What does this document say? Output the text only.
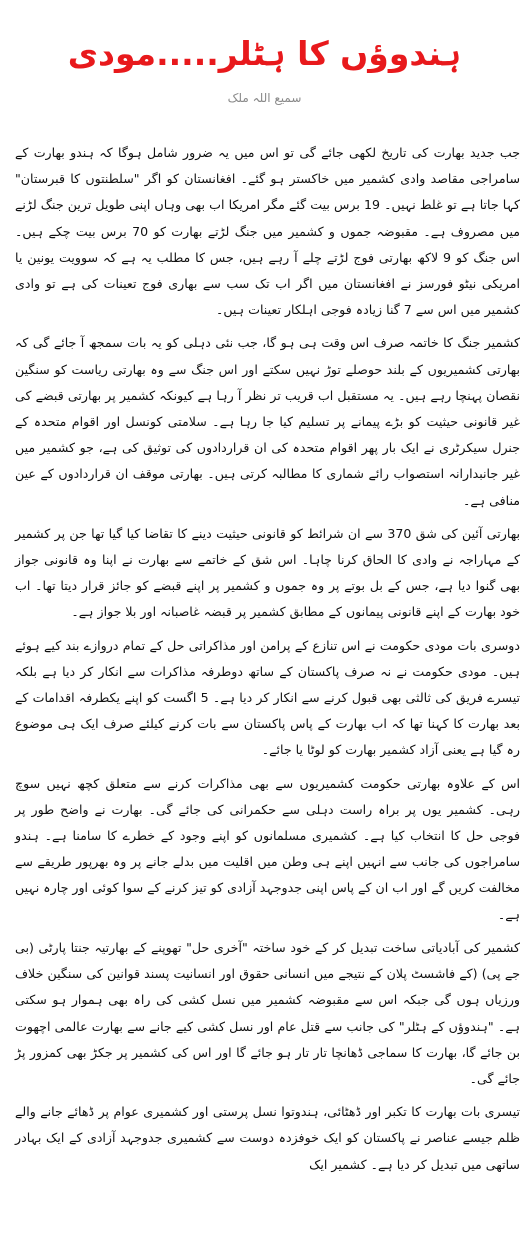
ہندوؤں کا ہٹلر.....مودی
سمیع اللہ ملک

جب جدید بھارت کی تاریخ لکھی جائے گی تو اس میں یہ ضرور شامل ہوگا کہ ہندو بھارت کے سامراجی مقاصد وادی کشمیر میں خاکستر ہو گئے۔ افغانستان کو اگر "سلطنتوں کا قبرستان" کہا جاتا ہے تو غلط نہیں۔ 19 برس بیت گئے مگر امریکا اب بھی وہاں اپنی طویل ترین جنگ لڑنے میں مصروف ہے۔ مقبوضہ جموں و کشمیر میں جنگ لڑتے بھارت کو 70 برس بیت چکے ہیں۔ اس جنگ کو 9 لاکھ بھارتی فوج لڑتے چلے آ رہے ہیں، جس کا مطلب یہ ہے کہ سوویت یونین یا امریکی نیٹو فورسز نے افغانستان میں اگر اب تک سب سے بھاری فوج تعینات کی ہے تو وادی کشمیر میں اس سے 7 گنا زیادہ فوجی اہلکار تعینات ہیں۔

کشمیر جنگ کا خاتمہ صرف اس وقت ہی ہو گا، جب نئی دہلی کو یہ بات سمجھ آ جائے گی کہ بھارتی کشمیریوں کے بلند حوصلے توڑ نہیں سکتے اور اس جنگ سے وہ بھارتی ریاست کو سنگین نقصان پہنچا رہے ہیں۔ یہ مستقبل اب قریب تر نظر آ رہا ہے کیونکہ کشمیر پر بھارتی قبضے کی غیر قانونی حیثیت کو بڑے پیمانے پر تسلیم کیا جا رہا ہے۔ سلامتی کونسل اور اقوام متحدہ کے جنرل سیکرٹری نے ایک بار پھر اقوام متحدہ کی ان قراردادوں کی توثیق کی ہے، جو کشمیر میں غیر جانبدارانہ استصواب رائے شماری کا مطالبہ کرتی ہیں۔ بھارتی موقف ان قراردادوں کے عین منافی ہے۔

بھارتی آئین کی شق 370 سے ان شرائط کو قانونی حیثیت دینے کا تقاضا کیا گیا تھا جن پر کشمیر کے مہاراجہ نے وادی کا الحاق کرنا چاہا۔ اس شق کے خاتمے سے بھارت نے اپنا وہ قانونی جواز بھی گنوا دیا ہے، جس کے بل بوتے پر وہ جموں و کشمیر پر اپنے قبضے کو جائز قرار دیتا تھا۔ اب خود بھارت کے اپنے قانونی پیمانوں کے مطابق کشمیر پر قبضہ غاصبانہ اور بلا جواز ہے۔

دوسری بات مودی حکومت نے اس تنازع کے پرامن اور مذاکراتی حل کے تمام دروازے بند کیے ہوئے ہیں۔ مودی حکومت نے نہ صرف پاکستان کے ساتھ دوطرفہ مذاکرات سے انکار کر دیا ہے بلکہ تیسرے فریق کی ثالثی بھی قبول کرنے سے انکار کر دیا ہے۔ 5 اگست کو اپنے یکطرفہ اقدامات کے بعد بھارت کا کہنا تھا کہ اب بھارت کے پاس پاکستان سے بات کرنے کیلئے صرف ایک ہی موضوع رہ گیا ہے یعنی آزاد کشمیر بھارت کو لوٹا یا جائے۔

اس کے علاوہ بھارتی حکومت کشمیریوں سے بھی مذاکرات کرنے سے متعلق کچھ نہیں سوچ رہی۔ کشمیر یوں پر براہ راست دہلی سے حکمرانی کی جائے گی۔ بھارت نے واضح طور پر فوجی حل کا انتخاب کیا ہے۔ کشمیری مسلمانوں کو اپنے وجود کے خطرے کا سامنا ہے۔ ہندو سامراجوں کی جانب سے انہیں اپنے ہی وطن میں اقلیت میں بدلے جانے پر وہ بھرپور طریقے سے مخالفت کریں گے اور اب ان کے پاس اپنی جدوجہد آزادی کو تیز کرنے کے سوا کوئی اور چارہ نہیں ہے۔

کشمیر کی آبادیاتی ساخت تبدیل کر کے خود ساختہ "آخری حل" تھوپنے کے بھارتیہ جنتا پارٹی (بی جے پی) (کے فاشسٹ پلان کے نتیجے میں انسانی حقوق اور انسانیت پسند قوانین کی سنگین خلاف ورزیاں ہوں گی جبکہ اس سے مقبوضہ کشمیر میں نسل کشی کی راہ بھی ہموار ہو سکتی ہے۔ "ہندوؤں کے ہٹلر" کی جانب سے قتل عام اور نسل کشی کیے جانے سے بھارت عالمی اچھوت بن جائے گا، بھارت کا سماجی ڈھانچا تار تار ہو جائے گا اور اس کی کشمیر پر جکڑ بھی کمزور پڑ جائے گی۔

تیسری بات بھارت کا تکبر اور ڈھٹائی، ہندوتوا نسل پرستی اور کشمیری عوام پر ڈھائے جانے والے ظلم جیسے عناصر نے پاکستان کو ایک خوفزدہ دوست سے کشمیری جدوجہد آزادی کے ایک بہادر ساتھی میں تبدیل کر دیا ہے۔ کشمیر ایک
